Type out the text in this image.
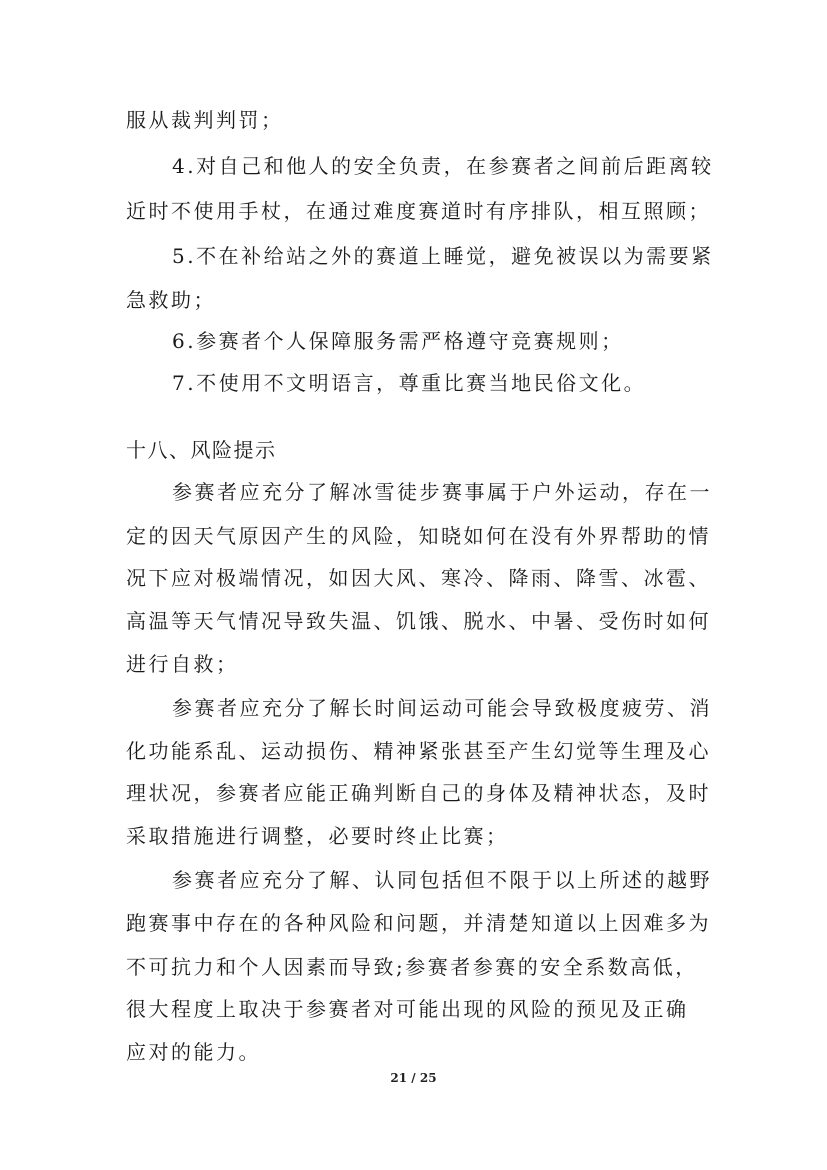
服从裁判判罚；
4.对自己和他人的安全负责，在参赛者之间前后距离较
近时不使用手杖，在通过难度赛道时有序排队，相互照顾；
5.不在补给站之外的赛道上睡觉，避免被误以为需要紧
急救助；
6.参赛者个人保障服务需严格遵守竞赛规则；
7.不使用不文明语言，尊重比赛当地民俗文化。
十八、风险提示
参赛者应充分了解冰雪徒步赛事属于户外运动，存在一
定的因天气原因产生的风险，知晓如何在没有外界帮助的情
况下应对极端情况，如因大风、寒冷、降雨、降雪、冰雹、
高温等天气情况导致失温、饥饿、脱水、中暑、受伤时如何
进行自救；
参赛者应充分了解长时间运动可能会导致极度疲劳、消
化功能系乱、运动损伤、精神紧张甚至产生幻觉等生理及心
理状况，参赛者应能正确判断自己的身体及精神状态，及时
采取措施进行调整，必要时终止比赛；
参赛者应充分了解、认同包括但不限于以上所述的越野
跑赛事中存在的各种风险和问题，并清楚知道以上因难多为
不可抗力和个人因素而导致;参赛者参赛的安全系数高低，
很大程度上取决于参赛者对可能出现的风险的预见及正确
应对的能力。
21 / 25
